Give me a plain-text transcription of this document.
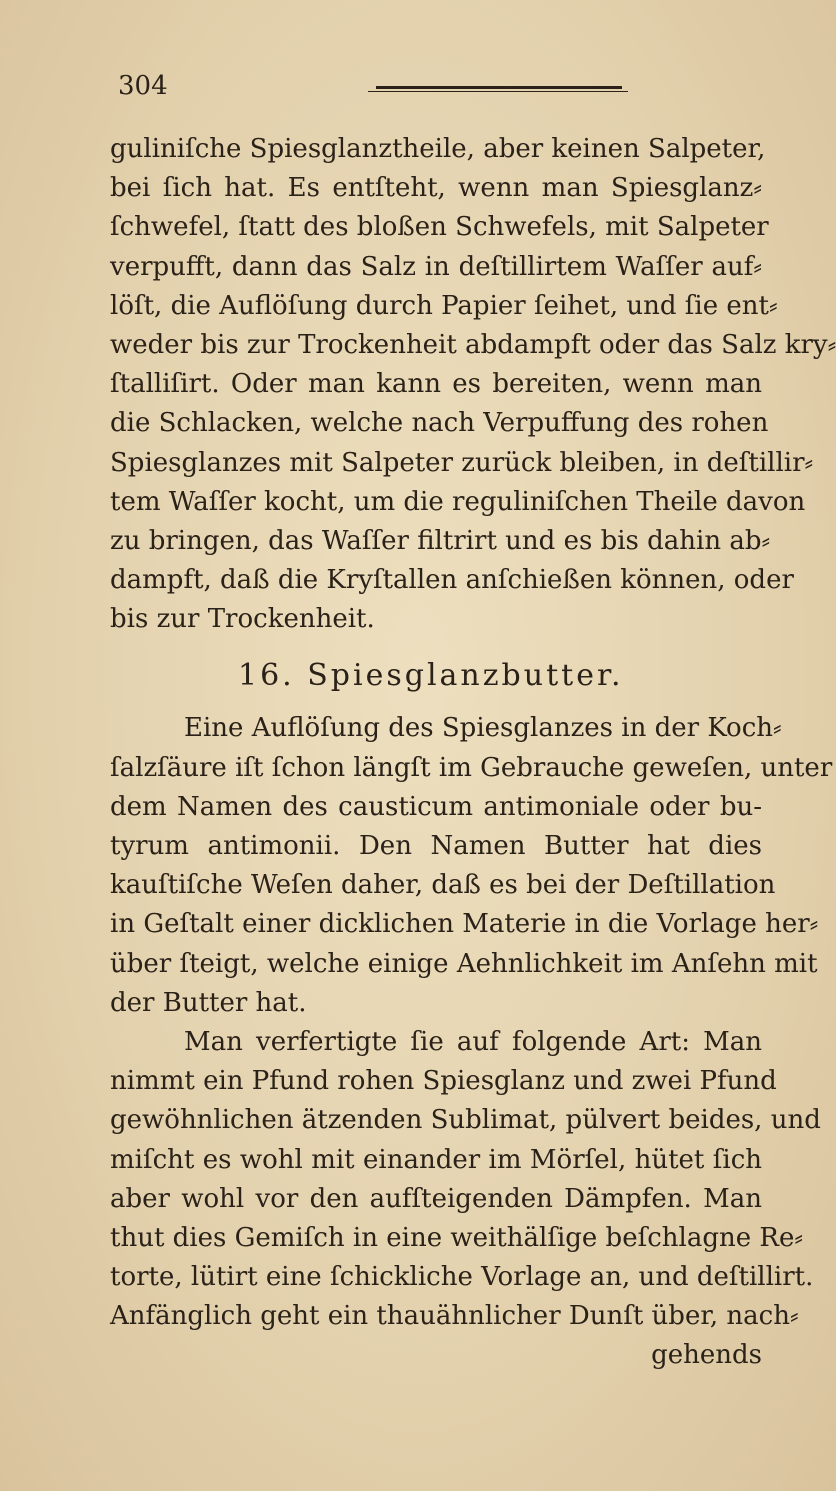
304
guliniſche Spiesglanztheile, aber keinen Salpeter,
bei ſich hat. Es entſteht, wenn man Spiesglanz⸗
ſchwefel, ſtatt des bloßen Schwefels, mit Salpeter
verpufft, dann das Salz in deſtillirtem Waſſer auf⸗
löſt, die Auflöſung durch Papier ſeihet, und ſie ent⸗
weder bis zur Trockenheit abdampft oder das Salz kry⸗
ſtalliſirt. Oder man kann es bereiten, wenn man
die Schlacken, welche nach Verpuffung des rohen
Spiesglanzes mit Salpeter zurück bleiben, in deſtillir⸗
tem Waſſer kocht, um die reguliniſchen Theile davon
zu bringen, das Waſſer filtrirt und es bis dahin ab⸗
dampft, daß die Kryſtallen anſchießen können, oder
bis zur Trockenheit.
16. Spiesglanzbutter.
Eine Auflöſung des Spiesglanzes in der Koch⸗
ſalzſäure iſt ſchon längſt im Gebrauche geweſen, unter
dem Namen des causticum antimoniale oder bu-
tyrum antimonii. Den Namen Butter hat dies
kauſtiſche Weſen daher, daß es bei der Deſtillation
in Geſtalt einer dicklichen Materie in die Vorlage her⸗
über ſteigt, welche einige Aehnlichkeit im Anſehn mit
der Butter hat.
Man verfertigte ſie auf folgende Art: Man
nimmt ein Pfund rohen Spiesglanz und zwei Pfund
gewöhnlichen ätzenden Sublimat, pülvert beides, und
miſcht es wohl mit einander im Mörſel, hütet ſich
aber wohl vor den aufſteigenden Dämpfen. Man
thut dies Gemiſch in eine weithälſige beſchlagne Re⸗
torte, lütirt eine ſchickliche Vorlage an, und deſtillirt.
Anfänglich geht ein thauähnlicher Dunſt über, nach⸗
gehends
